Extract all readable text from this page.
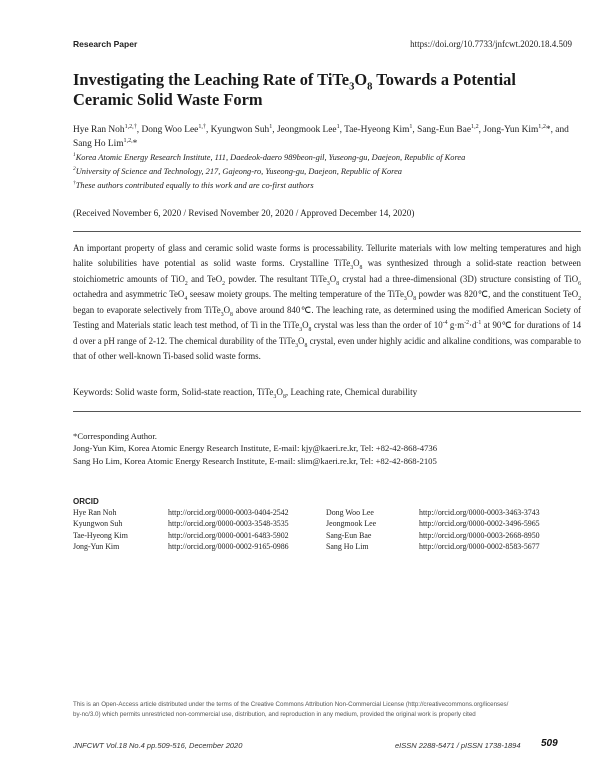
Research Paper	https://doi.org/10.7733/jnfcwt.2020.18.4.509
Investigating the Leaching Rate of $TiTe_3O_8$ Towards a Potential Ceramic Solid Waste Form
Hye Ran Noh$^{1,2,\dagger}$, Dong Woo Lee$^{1,\dagger}$, Kyungwon Suh$^1$, Jeongmook Lee$^1$, Tae-Hyeong Kim$^1$, Sang-Eun Bae$^{1,2}$, Jong-Yun Kim$^{1,2}$*, and Sang Ho Lim$^{1,2,}$*
$^1$Korea Atomic Energy Research Institute, 111, Daedeok-daero 989beon-gil, Yuseong-gu, Daejeon, Republic of Korea
$^2$University of Science and Technology, 217, Gajeong-ro, Yuseong-gu, Daejeon, Republic of Korea
†These authors contributed equally to this work and are co-first authors
(Received November 6, 2020 / Revised November 20, 2020 / Approved December 14, 2020)
An important property of glass and ceramic solid waste forms is processability. Tellurite materials with low melting temperatures and high halite solubilities have potential as solid waste forms. Crystalline $TiTe_3O_8$ was synthesized through a solid-state reaction between stoichiometric amounts of TiO$_2$ and TeO$_2$ powder. The resultant $TiTe_3O_8$ crystal had a three-dimensional (3D) structure consisting of TiO$_6$ octahedra and asymmetric TeO$_4$ seesaw moiety groups. The melting temperature of the $TiTe_3O_8$ powder was 820℃, and the constituent TeO$_2$ began to evaporate selectively from $TiTe_3O_8$ above around 840℃. The leaching rate, as determined using the modified American Society of Testing and Materials static leach test method, of Ti in the $TiTe_3O_8$ crystal was less than the order of $10^{-4}$ $g\cdot m^{-2}\cdot d^{-1}$ at 90℃ for durations of 14 d over a pH range of 2-12. The chemical durability of the $TiTe_3O_8$ crystal, even under highly acidic and alkaline conditions, was comparable to that of other well-known Ti-based solid waste forms.
Keywords: Solid waste form, Solid-state reaction, $TiTe_3O_8$, Leaching rate, Chemical durability
*Corresponding Author.
Jong-Yun Kim, Korea Atomic Energy Research Institute, E-mail: kjy@kaeri.re.kr, Tel: +82-42-868-4736
Sang Ho Lim, Korea Atomic Energy Research Institute, E-mail: slim@kaeri.re.kr, Tel: +82-42-868-2105
ORCID
Hye Ran Noh	http://orcid.org/0000-0003-0404-2542	Dong Woo Lee	http://orcid.org/0000-0003-3463-3743
Kyungwon Suh	http://orcid.org/0000-0003-3548-3535	Jeongmook Lee	http://orcid.org/0000-0002-3496-5965
Tae-Hyeong Kim	http://orcid.org/0000-0001-6483-5902	Sang-Eun Bae	http://orcid.org/0000-0003-2668-8950
Jong-Yun Kim	http://orcid.org/0000-0002-9165-0986	Sang Ho Lim	http://orcid.org/0000-0002-8583-5677
This is an Open-Access article distributed under the terms of the Creative Commons Attribution Non-Commercial License (http://creativecommons.org/licenses/
by-nc/3.0) which permits unrestricted non-commercial use, distribution, and reproduction in any medium, provided the original work is properly cited
JNFCWT Vol.18 No.4 pp.509-516, December 2020	eISSN 2288-5471 / pISSN 1738-1894 509
